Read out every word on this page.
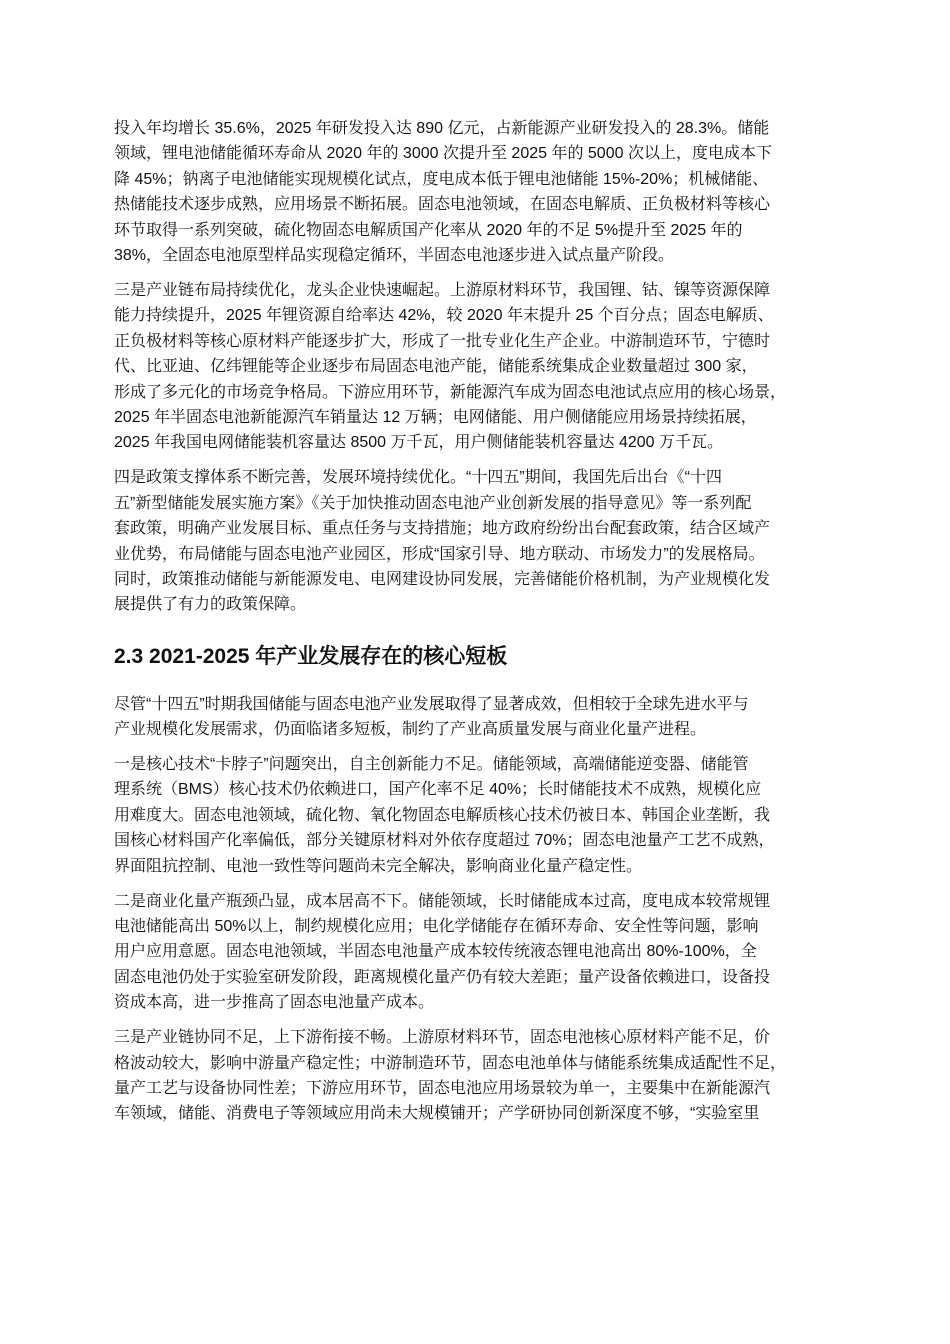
投入年均增长 35.6%，2025 年研发投入达 890 亿元，占新能源产业研发投入的 28.3%。储能
领域，锂电池储能循环寿命从 2020 年的 3000 次提升至 2025 年的 5000 次以上，度电成本下
降 45%；钠离子电池储能实现规模化试点，度电成本低于锂电池储能 15%-20%；机械储能、
热储能技术逐步成熟，应用场景不断拓展。固态电池领域，在固态电解质、正负极材料等核心
环节取得一系列突破，硫化物固态电解质国产化率从 2020 年的不足 5%提升至 2025 年的
38%，全固态电池原型样品实现稳定循环，半固态电池逐步进入试点量产阶段。
三是产业链布局持续优化，龙头企业快速崛起。上游原材料环节，我国锂、钴、镍等资源保障
能力持续提升，2025 年锂资源自给率达 42%，较 2020 年末提升 25 个百分点；固态电解质、
正负极材料等核心原材料产能逐步扩大，形成了一批专业化生产企业。中游制造环节，宁德时
代、比亚迪、亿纬锂能等企业逐步布局固态电池产能，储能系统集成企业数量超过 300 家，
形成了多元化的市场竞争格局。下游应用环节，新能源汽车成为固态电池试点应用的核心场景，
2025 年半固态电池新能源汽车销量达 12 万辆；电网储能、用户侧储能应用场景持续拓展，
2025 年我国电网储能装机容量达 8500 万千瓦，用户侧储能装机容量达 4200 万千瓦。
四是政策支撑体系不断完善，发展环境持续优化。“十四五”期间，我国先后出台《“十四
五”新型储能发展实施方案》《关于加快推动固态电池产业创新发展的指导意见》等一系列配
套政策，明确产业发展目标、重点任务与支持措施；地方政府纷纷出台配套政策，结合区域产
业优势，布局储能与固态电池产业园区，形成“国家引导、地方联动、市场发力”的发展格局。
同时，政策推动储能与新能源发电、电网建设协同发展，完善储能价格机制，为产业规模化发
展提供了有力的政策保障。
2.3 2021-2025 年产业发展存在的核心短板
尽管“十四五”时期我国储能与固态电池产业发展取得了显著成效，但相较于全球先进水平与
产业规模化发展需求，仍面临诸多短板，制约了产业高质量发展与商业化量产进程。
一是核心技术“卡脖子”问题突出，自主创新能力不足。储能领域，高端储能逆变器、储能管
理系统（BMS）核心技术仍依赖进口，国产化率不足 40%；长时储能技术不成熟，规模化应
用难度大。固态电池领域，硫化物、氧化物固态电解质核心技术仍被日本、韩国企业垄断，我
国核心材料国产化率偏低，部分关键原材料对外依存度超过 70%；固态电池量产工艺不成熟，
界面阻抗控制、电池一致性等问题尚未完全解决，影响商业化量产稳定性。
二是商业化量产瓶颈凸显，成本居高不下。储能领域，长时储能成本过高，度电成本较常规锂
电池储能高出 50%以上，制约规模化应用；电化学储能存在循环寿命、安全性等问题，影响
用户应用意愿。固态电池领域，半固态电池量产成本较传统液态锂电池高出 80%-100%，全
固态电池仍处于实验室研发阶段，距离规模化量产仍有较大差距；量产设备依赖进口，设备投
资成本高，进一步推高了固态电池量产成本。
三是产业链协同不足，上下游衔接不畅。上游原材料环节，固态电池核心原材料产能不足，价
格波动较大，影响中游量产稳定性；中游制造环节，固态电池单体与储能系统集成适配性不足，
量产工艺与设备协同性差；下游应用环节，固态电池应用场景较为单一，主要集中在新能源汽
车领域，储能、消费电子等领域应用尚未大规模铺开；产学研协同创新深度不够，“实验室里
